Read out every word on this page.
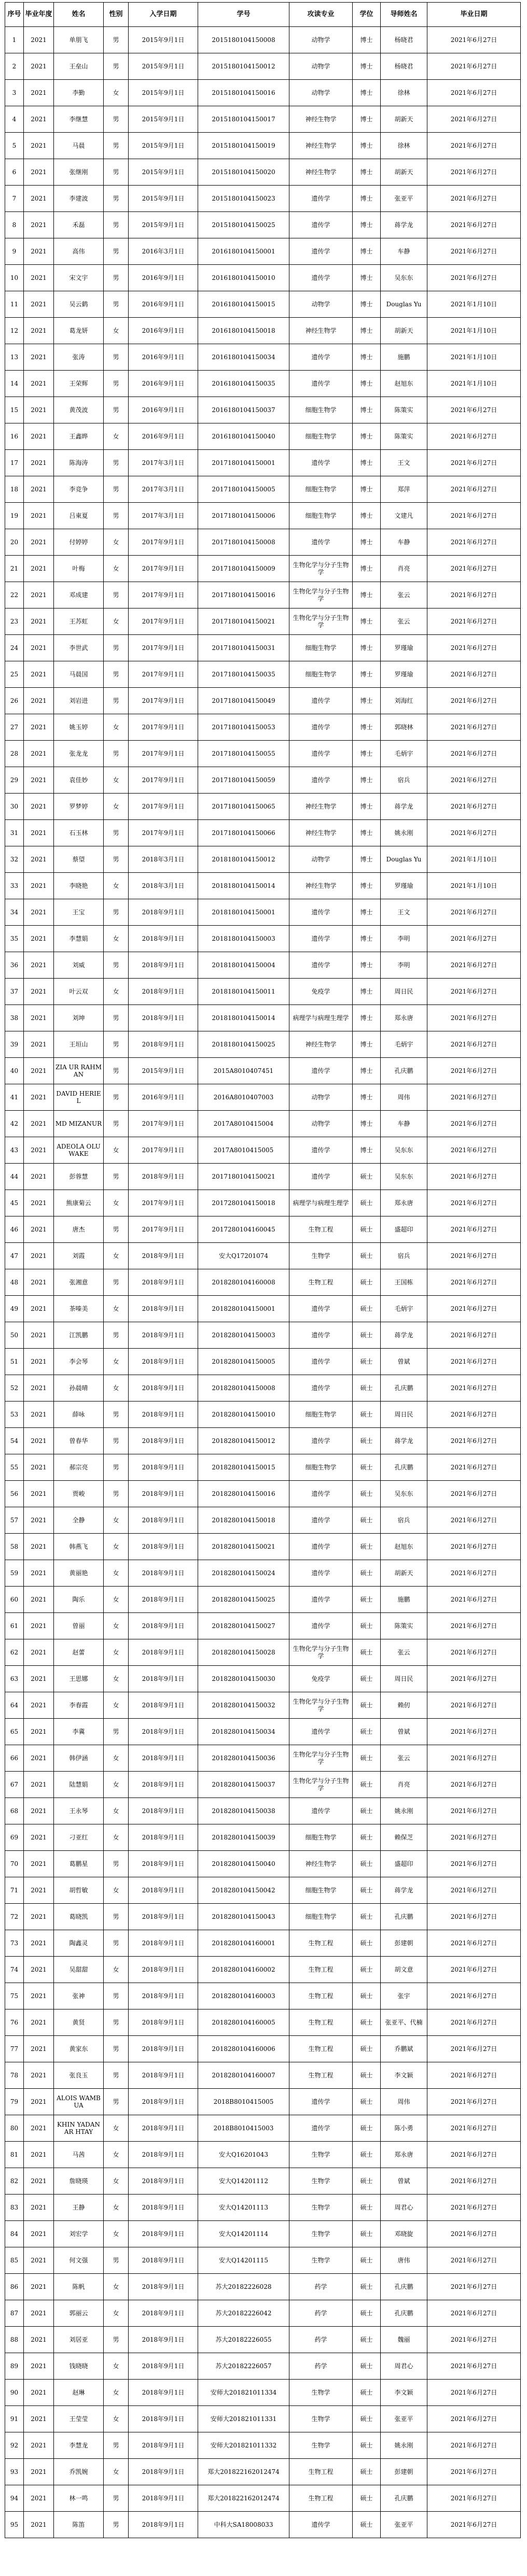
序号	毕业年度	姓名	性别	入学日期	学号	攻读专业	学位	导师姓名	毕业日期
1	2021	单朋飞	男	2015年9月1日	2015180104150008	动物学	博士	杨晓君	2021年6月27日
2	2021	王垒山	男	2015年9月1日	2015180104150012	动物学	博士	杨晓君	2021年6月27日
3	2021	李勤	女	2015年9月1日	2015180104150016	动物学	博士	徐林	2021年6月27日
4	2021	李继慧	男	2015年9月1日	2015180104150017	神经生物学	博士	胡新天	2021年6月27日
5	2021	马晨	男	2015年9月1日	2015180104150019	神经生物学	博士	徐林	2021年6月27日
6	2021	张继刚	男	2015年9月1日	2015180104150020	神经生物学	博士	胡新天	2021年6月27日
7	2021	李建波	男	2015年9月1日	2015180104150023	遗传学	博士	张亚平	2021年6月27日
8	2021	禾磊	男	2015年9月1日	2015180104150025	遗传学	博士	蒋学龙	2021年6月27日
9	2021	高伟	男	2016年3月1日	2016180104150001	遗传学	博士	车静	2021年6月27日
10	2021	宋文宇	男	2016年9月1日	2016180104150010	遗传学	博士	吴东东	2021年6月27日
11	2021	吴云鹤	男	2016年9月1日	2016180104150015	动物学	博士	Douglas Yu	2021年1月10日
12	2021	葛龙妍	女	2016年9月1日	2016180104150018	神经生物学	博士	胡新天	2021年1月10日
13	2021	张涛	男	2016年9月1日	2016180104150034	遗传学	博士	施鹏	2021年1月10日
14	2021	王荣辉	男	2016年9月1日	2016180104150035	遗传学	博士	赵旭东	2021年1月10日
15	2021	黄茂波	男	2016年9月1日	2016180104150037	细胞生物学	博士	陈策实	2021年6月27日
16	2021	王鑫晔	女	2016年9月1日	2016180104150040	细胞生物学	博士	陈策实	2021年6月27日
17	2021	陈海涛	男	2017年3月1日	2017180104150001	遗传学	博士	王文	2021年6月27日
18	2021	李竞争	男	2017年3月1日	2017180104150005	细胞生物学	博士	郑萍	2021年6月27日
19	2021	吕東夏	男	2017年3月1日	2017180104150006	细胞生物学	博士	文建凡	2021年6月27日
20	2021	付婷婷	女	2017年9月1日	2017180104150008	遗传学	博士	车静	2021年6月27日
21	2021	叶梅	女	2017年9月1日	2017180104150009	生物化学与分子生物学	博士	肖亮	2021年6月27日
22	2021	邓成建	男	2017年9月1日	2017180104150016	生物化学与分子生物学	博士	张云	2021年6月27日
23	2021	王苏虹	女	2017年9月1日	2017180104150021	生物化学与分子生物学	博士	张云	2021年6月27日
24	2021	李世武	男	2017年9月1日	2017180104150031	细胞生物学	博士	罗瑾瑜	2021年6月27日
25	2021	马晨国	男	2017年9月1日	2017180104150035	细胞生物学	博士	罗瑾瑜	2021年6月27日
26	2021	刘岩进	男	2017年9月1日	2017180104150049	遗传学	博士	刘海红	2021年6月27日
27	2021	姚玉婷	女	2017年9月1日	2017180104150053	遗传学	博士	郭晓林	2021年6月27日
28	2021	张龙龙	男	2017年9月1日	2017180104150055	遗传学	博士	毛炳宇	2021年6月27日
29	2021	袁佳妙	女	2017年9月1日	2017180104150059	遗传学	博士	宿兵	2021年6月27日
30	2021	罗梦婷	女	2017年9月1日	2017180104150065	神经生物学	博士	蒋学龙	2021年6月27日
31	2021	石玉林	男	2017年9月1日	2017180104150066	神经生物学	博士	姚永刚	2021年6月27日
32	2021	蔡望	男	2018年3月1日	2018180104150012	动物学	博士	Douglas Yu	2021年1月10日
33	2021	李晓艳	女	2018年3月1日	2018180104150014	神经生物学	博士	罗瑾瑜	2021年1月10日
34	2021	王宝	男	2018年9月1日	2018180104150001	遗传学	博士	王文	2021年6月27日
35	2021	李慧娟	女	2018年9月1日	2018180104150003	遗传学	博士	李明	2021年6月27日
36	2021	刘威	男	2018年9月1日	2018180104150004	遗传学	博士	李明	2021年6月27日
37	2021	叶云双	女	2018年9月1日	2018180104150011	免疫学	博士	周日民	2021年6月27日
38	2021	刘坤	男	2018年9月1日	2018180104150014	病理学与病理生理学	博士	郑永唐	2021年6月27日
39	2021	王垣山	男	2018年9月1日	2018180104150025	神经生物学	博士	毛炳宇	2021年6月27日
40	2021	ZIA UR RAHMAN	男	2015年9月1日	2015A8010407451	遗传学	博士	孔庆鹏	2021年6月27日
41	2021	DAVID HERIEL	男	2016年9月1日	2016A8010407003	动物学	博士	周伟	2021年6月27日
42	2021	MD MIZANUR	男	2017年9月1日	2017A8010415004	动物学	博士	车静	2021年6月27日
43	2021	ADEOLA OLUWAKE	女	2017年9月1日	2017A8010415005	遗传学	博士	吴东东	2021年6月27日
44	2021	彭蓉慧	男	2018年9月1日	2017180104150021	遗传学	硕士	吴东东	2021年6月27日
45	2021	熊康菊云	女	2017年9月1日	2017280104150018	病理学与病理生理学	硕士	郑永唐	2021年6月27日
46	2021	唐杰	男	2017年9月1日	2017280104160045	生物工程	硕士	盛超印	2021年6月27日
47	2021	刘霞	女	2018年9月1日	安大Q17201074	生物学	硕士	宿兵	2021年6月27日
48	2021	张湘意	男	2018年9月1日	2018280104160008	生物工程	硕士	王国栋	2021年6月27日
49	2021	茶嗪美	女	2018年9月1日	2018280104150001	遗传学	硕士	毛炳宇	2021年6月27日
50	2021	江凯鹏	男	2018年9月1日	2018280104150003	遗传学	硕士	蒋学龙	2021年6月27日
51	2021	李会琴	女	2018年9月1日	2018280104150005	遗传学	硕士	曾斌	2021年6月27日
52	2021	孙晨晴	女	2018年9月1日	2018280104150008	遗传学	硕士	孔庆鹏	2021年6月27日
53	2021	薛咏	男	2018年9月1日	2018280104150010	细胞生物学	硕士	周日民	2021年6月27日
54	2021	曾春华	男	2018年9月1日	2018280104150012	遗传学	硕士	蒋学龙	2021年6月27日
55	2021	郝宗亮	男	2018年9月1日	2018280104150015	细胞生物学	硕士	孔庆鹏	2021年6月27日
56	2021	贾峻	男	2018年9月1日	2018280104150016	遗传学	硕士	吴东东	2021年6月27日
57	2021	全静	女	2018年9月1日	2018280104150018	遗传学	硕士	宿兵	2021年6月27日
58	2021	韩燕飞	女	2018年9月1日	2018280104150021	遗传学	硕士	赵旭东	2021年6月27日
59	2021	黄丽艳	女	2018年9月1日	2018280104150024	遗传学	硕士	胡新天	2021年6月27日
60	2021	陶乐	女	2018年9月1日	2018280104150025	遗传学	硕士	施鹏	2021年6月27日
61	2021	曾丽	女	2018年9月1日	2018280104150027	遗传学	硕士	陈策实	2021年6月27日
62	2021	赵蕾	女	2018年9月1日	2018280104150028	生物化学与分子生物学	硕士	张云	2021年6月27日
63	2021	王思娜	女	2018年9月1日	2018280104150030	免疫学	硕士	周日民	2021年6月27日
64	2021	李春霞	女	2018年9月1日	2018280104150032	生物化学与分子生物学	硕士	赖仞	2021年6月27日
65	2021	李冀	男	2018年9月1日	2018280104150034	遗传学	硕士	曾斌	2021年6月27日
66	2021	韩伊涵	女	2018年9月1日	2018280104150036	生物化学与分子生物学	硕士	张云	2021年6月27日
67	2021	陆慧娟	女	2018年9月1日	2018280104150037	生物化学与分子生物学	硕士	肖亮	2021年6月27日
68	2021	王永琴	女	2018年9月1日	2018280104150038	遗传学	硕士	姚永刚	2021年6月27日
69	2021	刁亚红	女	2018年9月1日	2018280104150039	细胞生物学	硕士	赖保芝	2021年6月27日
70	2021	葛鹏星	男	2018年9月1日	2018280104150040	神经生物学	硕士	盛超印	2021年6月27日
71	2021	胡哲敏	女	2018年9月1日	2018280104150042	细胞生物学	硕士	蒋学龙	2021年6月27日
72	2021	葛晓凯	男	2018年9月1日	2018280104150043	细胞生物学	硕士	孔庆鹏	2021年6月27日
73	2021	陶鑫灵	男	2018年9月1日	2018280104160001	生物工程	硕士	彭建朝	2021年6月27日
74	2021	吴甜甜	女	2018年9月1日	2018280104160002	生物工程	硕士	胡文意	2021年6月27日
75	2021	张神	男	2018年9月1日	2018280104160003	生物工程	硕士	张宇	2021年6月27日
76	2021	黄贤	男	2018年9月1日	2018280104160005	生物工程	硕士	张亚平、代楠	2021年6月27日
77	2021	黄家东	男	2018年9月1日	2018280104160006	生物工程	硕士	乔鹏斌	2021年6月27日
78	2021	张良玉	男	2018年9月1日	2018280104160007	生物工程	硕士	李文颖	2021年6月27日
79	2021	ALOIS WAMBUA	男	2018年9月1日	2018B8010415005	遗传学	硕士	周伟	2021年6月27日
80	2021	KHIN YADANAR HTAY	女	2018年9月1日	2018B8010415003	遗传学	硕士	陈小勇	2021年6月27日
81	2021	马茜	女	2018年9月1日	安大Q16201043	生物学	硕士	郑永唐	2021年6月27日
82	2021	詹晓瑛	女	2018年9月1日	安大Q14201112	生物学	硕士	曾斌	2021年6月27日
83	2021	王静	女	2018年9月1日	安大Q14201113	生物学	硕士	周君心	2021年6月27日
84	2021	刘宏学	女	2018年9月1日	安大Q14201114	生物学	硕士	邓晓旋	2021年6月27日
85	2021	何文强	男	2018年9月1日	安大Q14201115	生物学	硕士	唐伟	2021年6月27日
86	2021	陈帆	女	2018年9月1日	苏大20182226028	药学	硕士	孔庆鹏	2021年6月27日
87	2021	郭丽云	女	2018年9月1日	苏大20182226042	药学	硕士	孔庆鹏	2021年6月27日
88	2021	刘居亚	男	2018年9月1日	苏大20182226055	药学	硕士	魏丽	2021年6月27日
89	2021	钱晓晓	女	2018年9月1日	苏大20182226057	药学	硕士	周君心	2021年6月27日
90	2021	赵琳	女	2018年9月1日	安师大201821011334	生物学	硕士	李文颖	2021年6月27日
91	2021	王莹莹	女	2018年9月1日	安师大201821011331	生物学	硕士	张亚平	2021年6月27日
92	2021	李慧龙	男	2018年9月1日	安师大201821011332	生物学	硕士	姚永刚	2021年6月27日
93	2021	乔凯婉	女	2018年9月1日	郑大201822162012474	生物工程	硕士	彭建朝	2021年6月27日
94	2021	林一鸣	男	2018年9月1日	郑大201822162012474	生物工程	硕士	孔庆鹏	2021年6月27日
95	2021	陈笛	男	2018年9月1日	中科大SA18008033	遗传学	硕士	张亚平	2021年6月27日
